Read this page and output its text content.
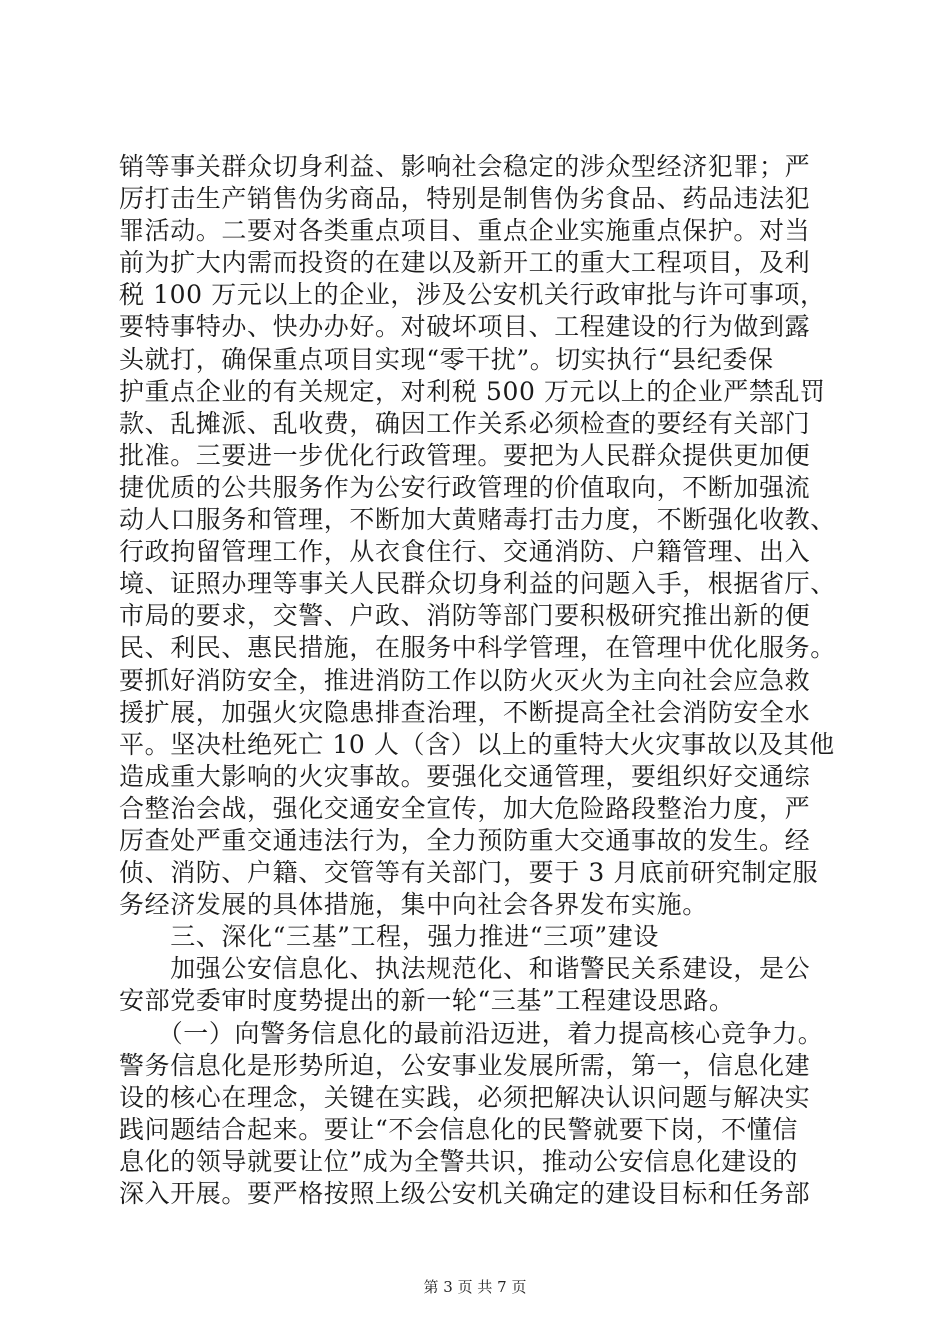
销等事关群众切身利益、影响社会稳定的涉众型经济犯罪；严
厉打击生产销售伪劣商品，特别是制售伪劣食品、药品违法犯
罪活动。二要对各类重点项目、重点企业实施重点保护。对当
前为扩大内需而投资的在建以及新开工的重大工程项目，及利
税 100 万元以上的企业，涉及公安机关行政审批与许可事项，
要特事特办、快办办好。对破坏项目、工程建设的行为做到露
头就打，确保重点项目实现“零干扰”。切实执行“县纪委保
护重点企业的有关规定，对利税 500 万元以上的企业严禁乱罚
款、乱摊派、乱收费，确因工作关系必须检查的要经有关部门
批准。三要进一步优化行政管理。要把为人民群众提供更加便
捷优质的公共服务作为公安行政管理的价值取向，不断加强流
动人口服务和管理，不断加大黄赌毒打击力度，不断强化收教、
行政拘留管理工作，从衣食住行、交通消防、户籍管理、出入
境、证照办理等事关人民群众切身利益的问题入手，根据省厅、
市局的要求，交警、户政、消防等部门要积极研究推出新的便
民、利民、惠民措施，在服务中科学管理，在管理中优化服务。
要抓好消防安全，推进消防工作以防火灭火为主向社会应急救
援扩展，加强火灾隐患排查治理，不断提高全社会消防安全水
平。坚决杜绝死亡 10 人（含）以上的重特大火灾事故以及其他
造成重大影响的火灾事故。要强化交通管理，要组织好交通综
合整治会战，强化交通安全宣传，加大危险路段整治力度，严
厉查处严重交通违法行为，全力预防重大交通事故的发生。经
侦、消防、户籍、交管等有关部门，要于 3 月底前研究制定服
务经济发展的具体措施，集中向社会各界发布实施。
　　三、深化“三基”工程，强力推进“三项”建设
　　加强公安信息化、执法规范化、和谐警民关系建设，是公
安部党委审时度势提出的新一轮“三基”工程建设思路。
　　（一）向警务信息化的最前沿迈进，着力提高核心竞争力。
警务信息化是形势所迫，公安事业发展所需，第一，信息化建
设的核心在理念，关键在实践，必须把解决认识问题与解决实
践问题结合起来。要让“不会信息化的民警就要下岗，不懂信
息化的领导就要让位”成为全警共识，推动公安信息化建设的
深入开展。要严格按照上级公安机关确定的建设目标和任务部
第 3 页 共 7 页
